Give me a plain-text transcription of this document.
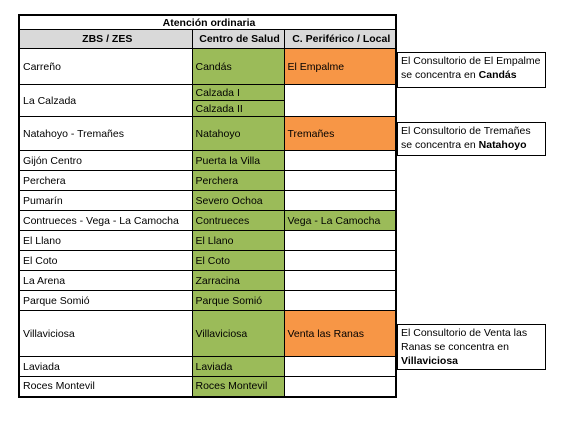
Atención ordinaria		
ZBS / ZES	Centro de Salud	C. Periférico / Local
Carreño	Candás	El Empalme
La Calzada	Calzada I	
	Calzada II	
Natahoyo - Tremañes	Natahoyo	Tremañes
Gijón Centro	Puerta la Villa	
Perchera	Perchera	
Pumarín	Severo Ochoa	
Contrueces - Vega - La Camocha	Contrueces	Vega - La Camocha
El Llano	El Llano	
El Coto	El Coto	
La Arena	Zarracina	
Parque Somió	Parque Somió	
Villaviciosa	Villaviciosa	Venta las Ranas
Laviada	Laviada	
Roces Montevil	Roces Montevil	
El Consultorio de El Empalme se concentra en Candás
El Consultorio de Tremañes se concentra en Natahoyo
El Consultorio de Venta las Ranas se concentra en Villaviciosa
